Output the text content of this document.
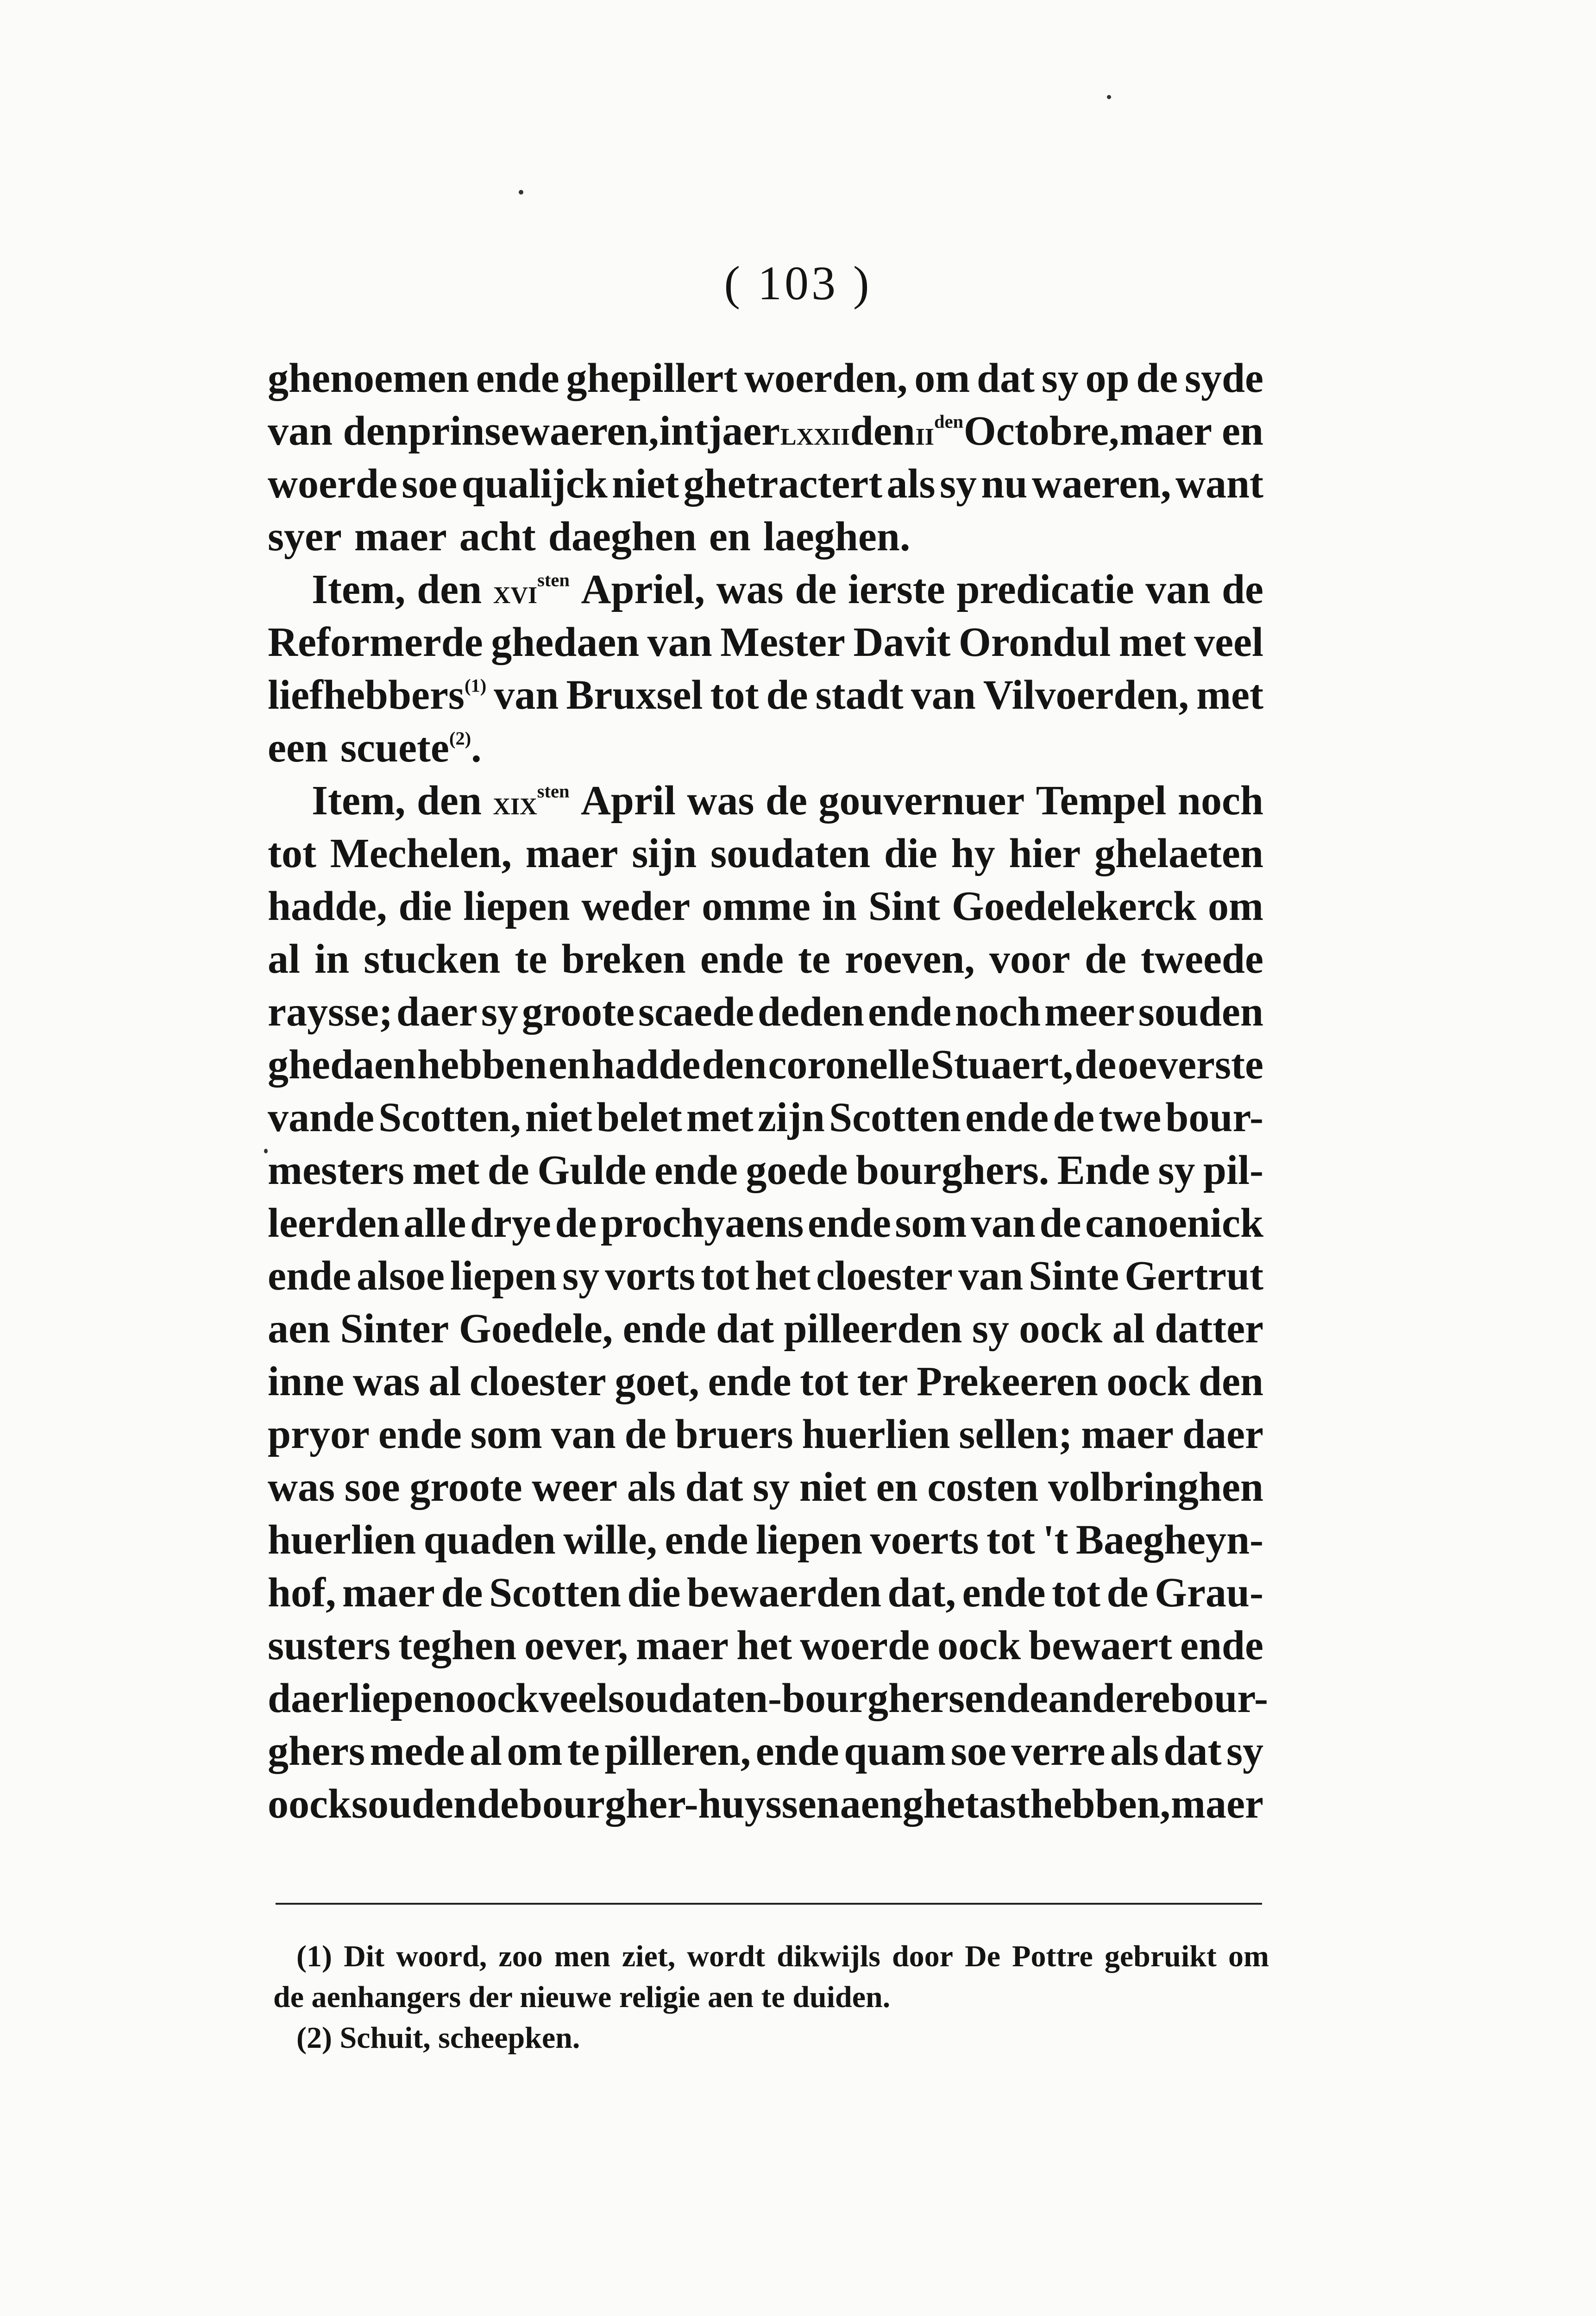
( 103 )
ghenoemen ende ghepillert woerden, om dat sy op de syde
van den prinse waeren, int jaer lxxii den $ii^{den}$ Octobre, maer en
woerde soe qualijck niet ghetractert als sy nu waeren, want
syer maer acht daeghen en laeghen.
Item, den xvi$^{sten}$ Apriel, was de ierste predicatie van de
Reformerde ghedaen van Mester Davit Orondul met veel
liefhebbers$^{(1)}$ van Bruxsel tot de stadt van Vilvoerden, met
een scuete$^{(2)}$.
Item, den xix$^{sten}$ April was de gouvernuer Tempel noch
tot Mechelen, maer sijn soudaten die hy hier ghelaeten
hadde, die liepen weder omme in Sint Goedelekerck om
al in stucken te breken ende te roeven, voor de tweede
raysse; daer sy groote scaede deden ende noch meer souden
ghedaen hebben en hadde den coronelle Stuaert, de oeverste
vande Scotten, niet belet met zijn Scotten ende de twe bour-
mesters met de Gulde ende goede bourghers. Ende sy pil-
leerden alle drye de prochyaens ende som van de canoenick
ende alsoe liepen sy vorts tot het cloester van Sinte Gertrut
aen Sinter Goedele, ende dat pilleerden sy oock al datter
inne was al cloester goet, ende tot ter Prekeeren oock den
pryor ende som van de bruers huerlien sellen; maer daer
was soe groote weer als dat sy niet en costen volbringhen
huerlien quaden wille, ende liepen voerts tot 't Baegheyn-
hof, maer de Scotten die bewaerden dat, ende tot de Grau-
susters teghen oever, maer het woerde oock bewaert ende
daer liepen oock veel soudaten-bourghers ende andere bour-
ghers mede al om te pilleren, ende quam soe verre als dat sy
oock souden de bourgher-huyssen aenghetast hebben, maer
(1) Dit woord, zoo men ziet, wordt dikwijls door De Pottre gebruikt om
de aenhangers der nieuwe religie aen te duiden.
(2) Schuit, scheepken.
